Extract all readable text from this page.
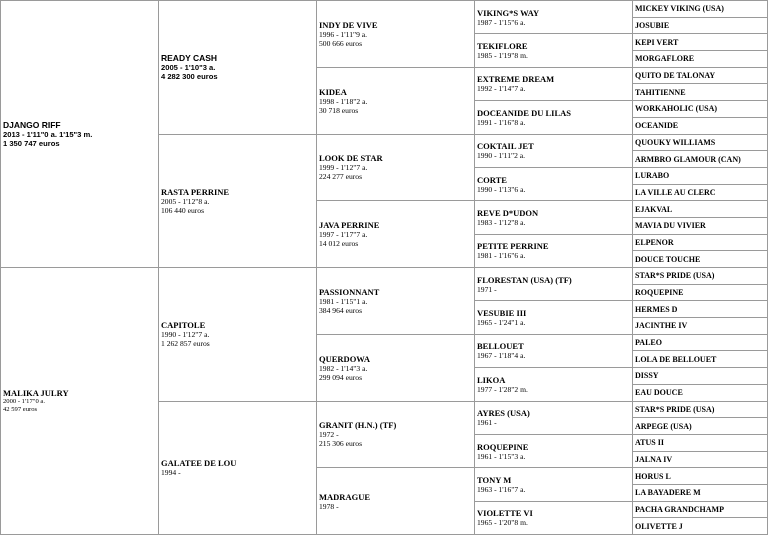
DJANGO RIFF
2013 - 1'11"0 a. 1'15"3 m.
1 350 747 euros	READY CASH
2005 - 1'10"3 a.
4 282 300 euros	INDY DE VIVE
1996 - 1'11"9 a.
500 666 euros	VIKING*S WAY
1987 - 1'15"6 a.	MICKEY VIKING (USA)

				JOSUBIE

			TEKIFLORE
1985 - 1'19"8 m.	KEPI VERT

				MORGAFLORE

		KIDEA
1998 - 1'18"2 a.
30 718 euros	EXTREME DREAM
1992 - 1'14"7 a.	QUITO DE TALONAY

				TAHITIENNE

			DOCEANIDE DU LILAS
1991 - 1'16"8 a.	WORKAHOLIC (USA)

				OCEANIDE

	RASTA PERRINE
2005 - 1'12"8 a.
106 440 euros	LOOK DE STAR
1999 - 1'12"7 a.
224 277 euros	COKTAIL JET
1990 - 1'11"2 a.	QUOUKY WILLIAMS

				ARMBRO GLAMOUR (CAN)

			CORTE
1990 - 1'13"6 a.	LURABO

				LA VILLE AU CLERC

		JAVA PERRINE
1997 - 1'17"7 a.
14 012 euros	REVE D*UDON
1983 - 1'12"8 a.	EJAKVAL

				MAVIA DU VIVIER

			PETITE PERRINE
1981 - 1'16"6 a.	ELPENOR

				DOUCE TOUCHE

MALIKA JULRY
2000 - 1'17"0 a.
42 597 euros	CAPITOLE
1990 - 1'12"7 a.
1 262 857 euros	PASSIONNANT
1981 - 1'15"1 a.
384 964 euros	FLORESTAN (USA) (TF)
1971 -	STAR*S PRIDE (USA)

				ROQUEPINE

			VESUBIE III
1965 - 1'24"1 a.	HERMES D

				JACINTHE IV

		QUERDOWA
1982 - 1'14"3 a.
299 094 euros	BELLOUET
1967 - 1'18"4 a.	PALEO

				LOLA DE BELLOUET

			LIKOA
1977 - 1'28"2 m.	DISSY

				EAU DOUCE

	GALATEE DE LOU
1994 -	GRANIT (H.N.) (TF)
1972 -
215 306 euros	AYRES (USA)
1961 -	STAR*S PRIDE (USA)

				ARPEGE (USA)

			ROQUEPINE
1961 - 1'15"3 a.	ATUS II

				JALNA IV

		MADRAGUE
1978 -	TONY M
1963 - 1'16"7 a.	HORUS L

				LA BAYADERE M

			VIOLETTE VI
1965 - 1'20"8 m.	PACHA GRANDCHAMP

				OLIVETTE J
